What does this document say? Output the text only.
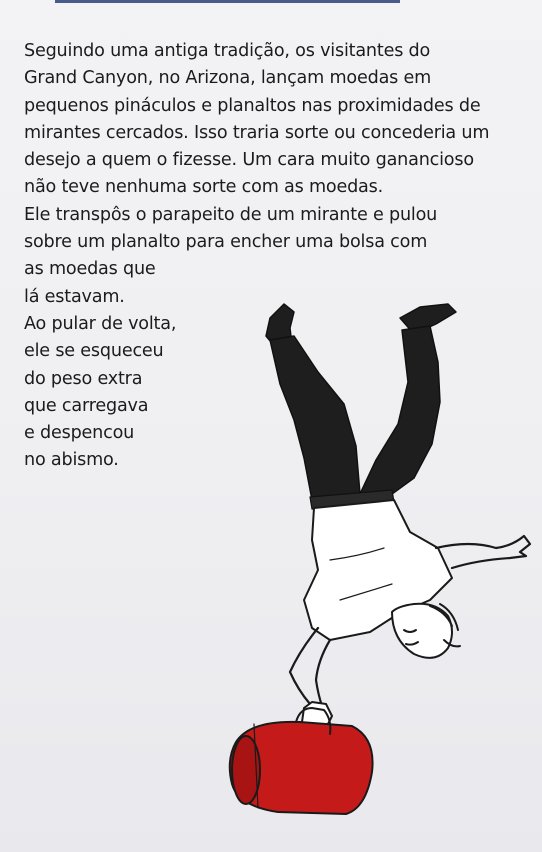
Seguindo uma antiga tradição, os visitantes do
Grand Canyon, no Arizona, lançam moedas em
pequenos pináculos e planaltos nas proximidades de
mirantes cercados. Isso traria sorte ou concederia um
desejo a quem o fizesse. Um cara muito ganancioso
não teve nenhuma sorte com as moedas.
Ele transpôs o parapeito de um mirante e pulou
sobre um planalto para encher uma bolsa com
as moedas que
lá estavam.
Ao pular de volta,
ele se esqueceu
do peso extra
que carregava
e despencou
no abismo.
